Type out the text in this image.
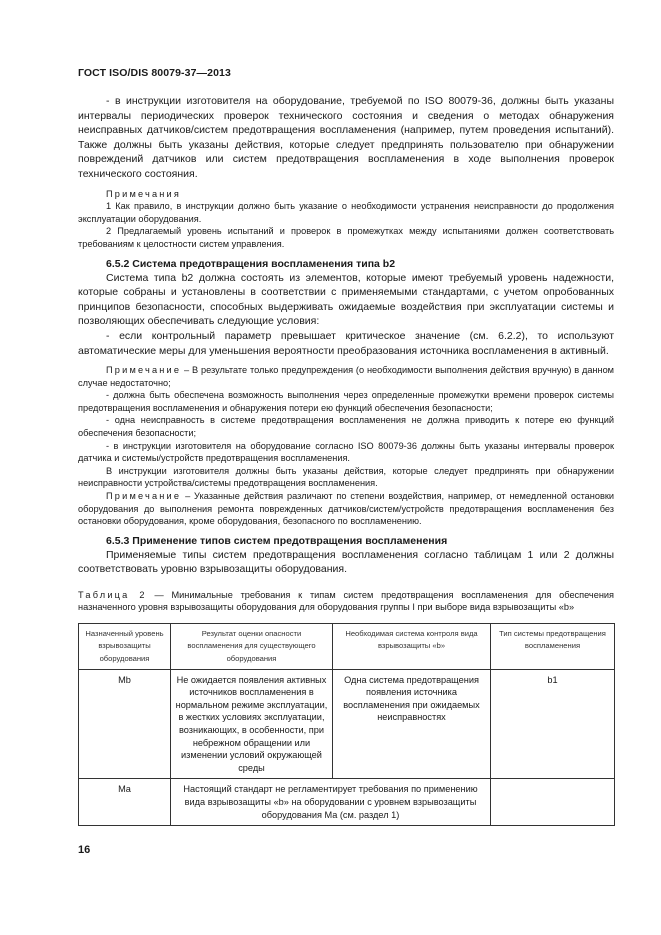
ГОСТ ISO/DIS 80079-37—2013

- в инструкции изготовителя на оборудование, требуемой по ISO 80079-36, должны быть указаны интервалы периодических проверок технического состояния и сведения о методах обнаружения неисправных датчиков/систем предотвращения воспламенения (например, путем проведения испытаний). Также должны быть указаны действия, которые следует предпринять пользователю при обнаружении повреждений датчиков или систем предотвращения воспламенения в ходе выполнения проверок технического состояния.

Примечания

1 Как правило, в инструкции должно быть указание о необходимости устранения неисправности до продолжения эксплуатации оборудования.

2 Предлагаемый уровень испытаний и проверок в промежутках между испытаниями должен соответствовать требованиям к целостности систем управления.

6.5.2 Система предотвращения воспламенения типа b2

Система типа b2 должна состоять из элементов, которые имеют требуемый уровень надежности, которые собраны и установлены в соответствии с применяемыми стандартами, с учетом опробованных принципов безопасности, способных выдерживать ожидаемые воздействия при эксплуатации системы и позволяющих обеспечивать следующие условия:

- если контрольный параметр превышает критическое значение (см. 6.2.2), то используют автоматические меры для уменьшения вероятности преобразования источника воспламенения в активный.

Примечание – В результате только предупреждения (о необходимости выполнения действия вручную) в данном случае недостаточно;

- должна быть обеспечена возможность выполнения через определенные промежутки времени проверок системы предотвращения воспламенения и обнаружения потери ею функций обеспечения безопасности;

- одна неисправность в системе предотвращения воспламенения не должна приводить к потере ею функций обеспечения безопасности;

- в инструкции изготовителя на оборудование согласно ISO 80079-36 должны быть указаны интервалы проверок датчика и системы/устройств предотвращения воспламенения.

В инструкции изготовителя должны быть указаны действия, которые следует предпринять при обнаружении неисправности устройства/системы предотвращения воспламенения.

Примечание – Указанные действия различают по степени воздействия, например, от немедленной остановки оборудования до выполнения ремонта поврежденных датчиков/систем/устройств предотвращения воспламенения без остановки оборудования, кроме оборудования, безопасного по воспламенению.

6.5.3 Применение типов систем предотвращения воспламенения

Применяемые типы систем предотвращения воспламенения согласно таблицам 1 или 2 должны соответствовать уровню взрывозащиты оборудования.

Таблица 2 — Минимальные требования к типам систем предотвращения воспламенения для обеспечения назначенного уровня взрывозащиты оборудования для оборудования группы I при выборе вида взрывозащиты «b»

Назначенный уровень взрывозащиты оборудования	Результат оценки опасности воспламенения для существующего оборудования	Необходимая система контроля вида взрывозащиты «b»	Тип системы предотвращения воспламенения
Mb	Не ожидается появления активных источников воспламенения в нормальном режиме эксплуатации, в жестких условиях эксплуатации, возникающих, в особенности, при небрежном обращении или изменении условий окружающей среды	Одна система предотвращения появления источника воспламенения при ожидаемых неисправностях	b1
Ma	Настоящий стандарт не регламентирует требования по применению вида взрывозащиты «b» на оборудовании с уровнем взрывозащиты оборудования Ma (см. раздел 1)		
16
